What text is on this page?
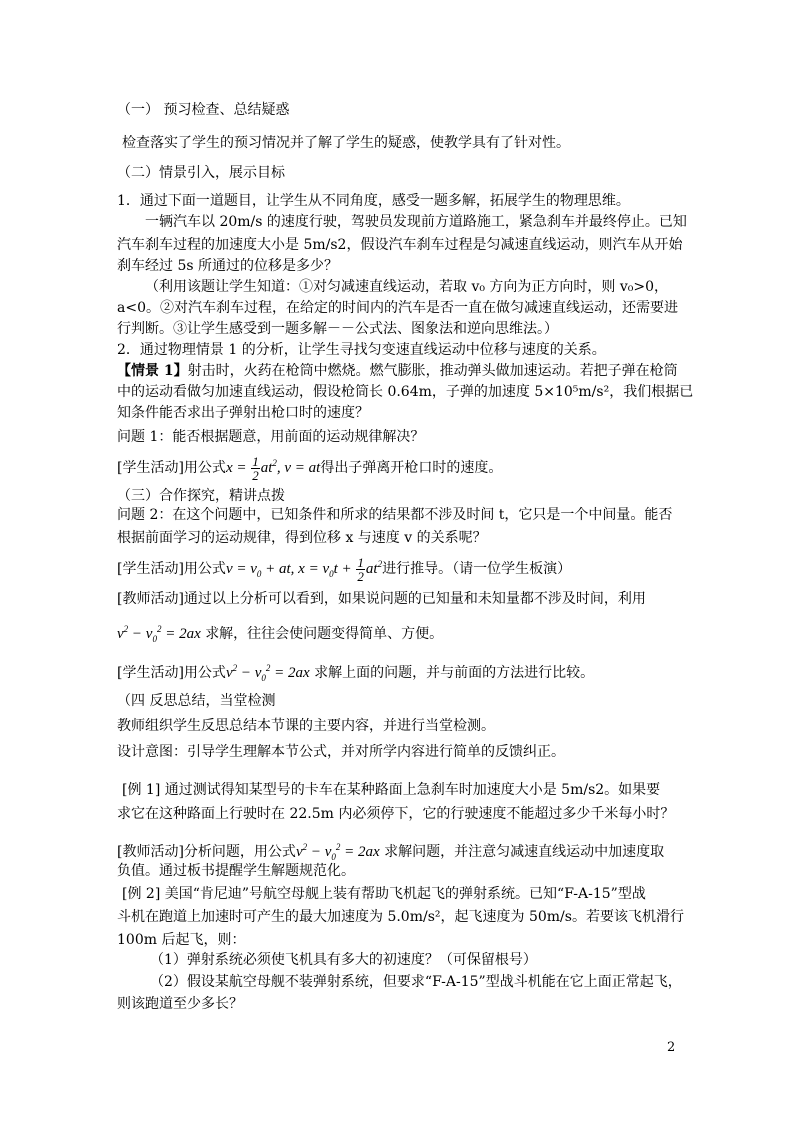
（一） 预习检查、总结疑惑
检查落实了学生的预习情况并了解了学生的疑惑，使教学具有了针对性。
（二）情景引入，展示目标
1．通过下面一道题目，让学生从不同角度，感受一题多解，拓展学生的物理思维。
一辆汽车以 20m/s 的速度行驶，驾驶员发现前方道路施工，紧急刹车并最终停止。已知
汽车刹车过程的加速度大小是 5m/s2，假设汽车刹车过程是匀减速直线运动，则汽车从开始
刹车经过 5s 所通过的位移是多少？
（利用该题让学生知道：①对匀减速直线运动，若取 v₀ 方向为正方向时，则 v₀>0，
a<0。②对汽车刹车过程，在给定的时间内的汽车是否一直在做匀减速直线运动，还需要进
行判断。③让学生感受到一题多解－－公式法、图象法和逆向思维法。）
2．通过物理情景 1 的分析，让学生寻找匀变速直线运动中位移与速度的关系。
【情景 1】射击时，火药在枪筒中燃烧。燃气膨胀，推动弹头做加速运动。若把子弹在枪筒
中的运动看做匀加速直线运动，假设枪筒长 0.64m，子弹的加速度 5×10⁵m/s²，我们根据已
知条件能否求出子弹射出枪口时的速度？
问题 1：能否根据题意，用前面的运动规律解决？
[学生活动]用公式$x = \frac{1}{2} at^2$, v = at得出子弹离开枪口时的速度。
（三）合作探究，精讲点拨
问题 2：在这个问题中，已知条件和所求的结果都不涉及时间 t，它只是一个中间量。能否
根据前面学习的运动规律，得到位移 x 与速度 v 的关系呢？
[学生活动]用公式$v = v_0$ + at, $x = v_0t + \frac{1}{2} at^2$进行推导。（请一位学生板演）
[教师活动]通过以上分析可以看到，如果说问题的已知量和未知量都不涉及时间，利用
$v^2 - v_0^2 = 2ax$ 求解，往往会使问题变得简单、方便。
[学生活动]用公式$v^2 - v_0^2 = 2ax$ 求解上面的问题，并与前面的方法进行比较。
（四 反思总结，当堂检测
教师组织学生反思总结本节课的主要内容，并进行当堂检测。
设计意图：引导学生理解本节公式，并对所学内容进行简单的反馈纠正。
[例 1] 通过测试得知某型号的卡车在某种路面上急刹车时加速度大小是 5m/s2。如果要
求它在这种路面上行驶时在 22.5m 内必须停下，它的行驶速度不能超过多少千米每小时？
[教师活动]分析问题，用公式$v^2 - v_0^2 = 2ax$ 求解问题，并注意匀减速直线运动中加速度取
负值。通过板书提醒学生解题规范化。
[例 2] 美国“肯尼迪”号航空母舰上装有帮助飞机起飞的弹射系统。已知“F-A-15”型战
斗机在跑道上加速时可产生的最大加速度为 5.0m/s²，起飞速度为 50m/s。若要该飞机滑行
100m 后起飞，则：
（1）弹射系统必须使飞机具有多大的初速度？（可保留根号）
（2）假设某航空母舰不装弹射系统，但要求“F-A-15”型战斗机能在它上面正常起飞，
则该跑道至少多长？
2
